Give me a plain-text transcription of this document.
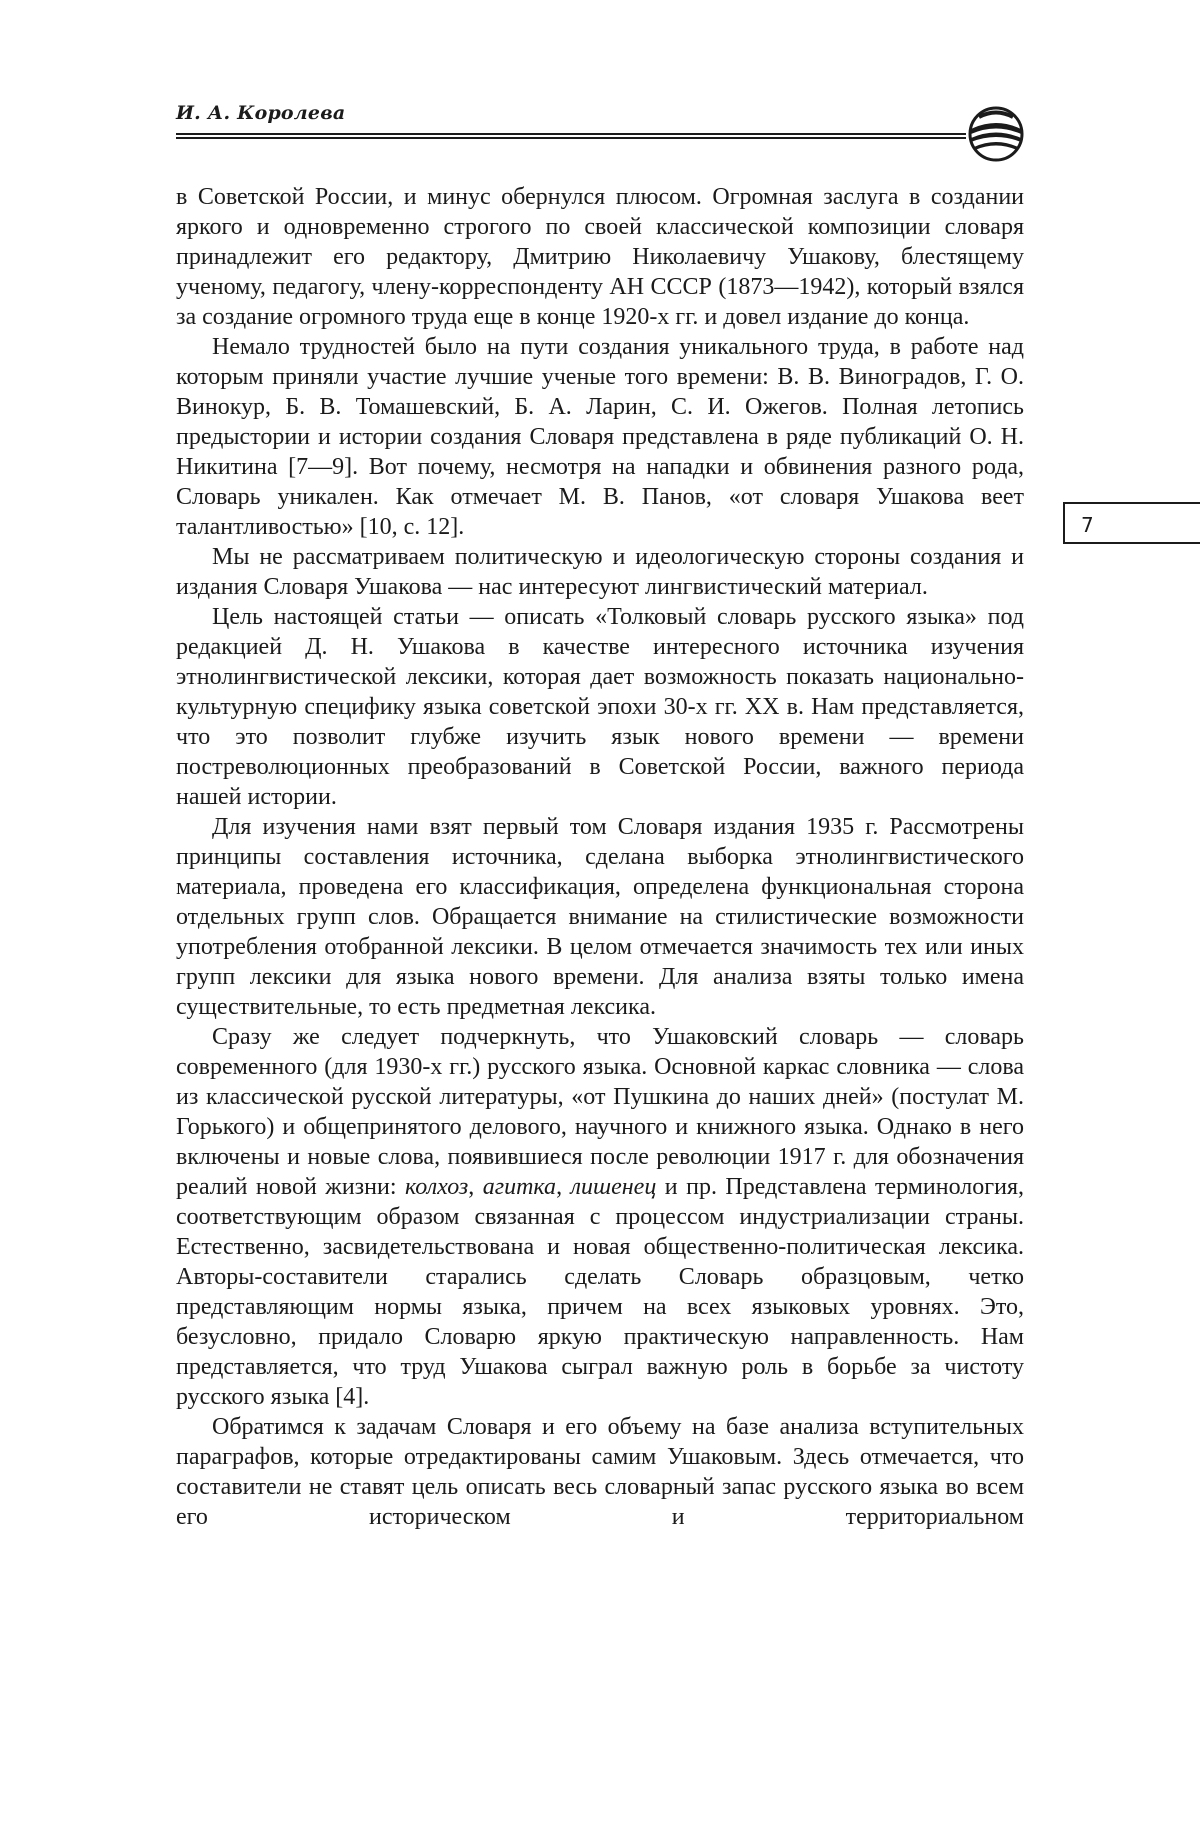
И. А. Королева
7

в Советской России, и минус обернулся плюсом. Огромная заслуга в создании яркого и одновременно строгого по своей классической композиции словаря принадлежит его редактору, Дмитрию Николаевичу Ушакову, блестящему ученому, педагогу, члену-корреспонденту АН СССР (1873—1942), который взялся за создание огромного труда еще в конце 1920-х гг. и довел издание до конца.

Немало трудностей было на пути создания уникального труда, в работе над которым приняли участие лучшие ученые того времени: В. В. Виноградов, Г. О. Винокур, Б. В. Томашевский, Б. А. Ларин, С. И. Ожегов. Полная летопись предыстории и истории создания Словаря представлена в ряде публикаций О. Н. Никитина [7—9]. Вот почему, несмотря на нападки и обвинения разного рода, Словарь уникален. Как отмечает М. В. Панов, «от словаря Ушакова веет талантливостью» [10, с. 12].

Мы не рассматриваем политическую и идеологическую стороны создания и издания Словаря Ушакова — нас интересуют лингвистический материал.

Цель настоящей статьи — описать «Толковый словарь русского языка» под редакцией Д. Н. Ушакова в качестве интересного источника изучения этнолингвистической лексики, которая дает возможность показать национально-культурную специфику языка советской эпохи 30-х гг. XX в. Нам представляется, что это позволит глубже изучить язык нового времени — времени постреволюционных преобразований в Советской России, важного периода нашей истории.

Для изучения нами взят первый том Словаря издания 1935 г. Рассмотрены принципы составления источника, сделана выборка этнолингвистического материала, проведена его классификация, определена функциональная сторона отдельных групп слов. Обращается внимание на стилистические возможности употребления отобранной лексики. В целом отмечается значимость тех или иных групп лексики для языка нового времени. Для анализа взяты только имена существительные, то есть предметная лексика.

Сразу же следует подчеркнуть, что Ушаковский словарь — словарь современного (для 1930-х гг.) русского языка. Основной каркас словника — слова из классической русской литературы, «от Пушкина до наших дней» (постулат М. Горького) и общепринятого делового, научного и книжного языка. Однако в него включены и новые слова, появившиеся после революции 1917 г. для обозначения реалий новой жизни: колхоз, агитка, лишенец и пр. Представлена терминология, соответствующим образом связанная с процессом индустриализации страны. Естественно, засвидетельствована и новая общественно-политическая лексика. Авторы-составители старались сделать Словарь образцовым, четко представляющим нормы языка, причем на всех языковых уровнях. Это, безусловно, придало Словарю яркую практическую направленность. Нам представляется, что труд Ушакова сыграл важную роль в борьбе за чистоту русского языка [4].

Обратимся к задачам Словаря и его объему на базе анализа вступительных параграфов, которые отредактированы самим Ушаковым. Здесь отмечается, что составители не ставят цель описать весь словарный запас русского языка во всем его историческом и территориальном
